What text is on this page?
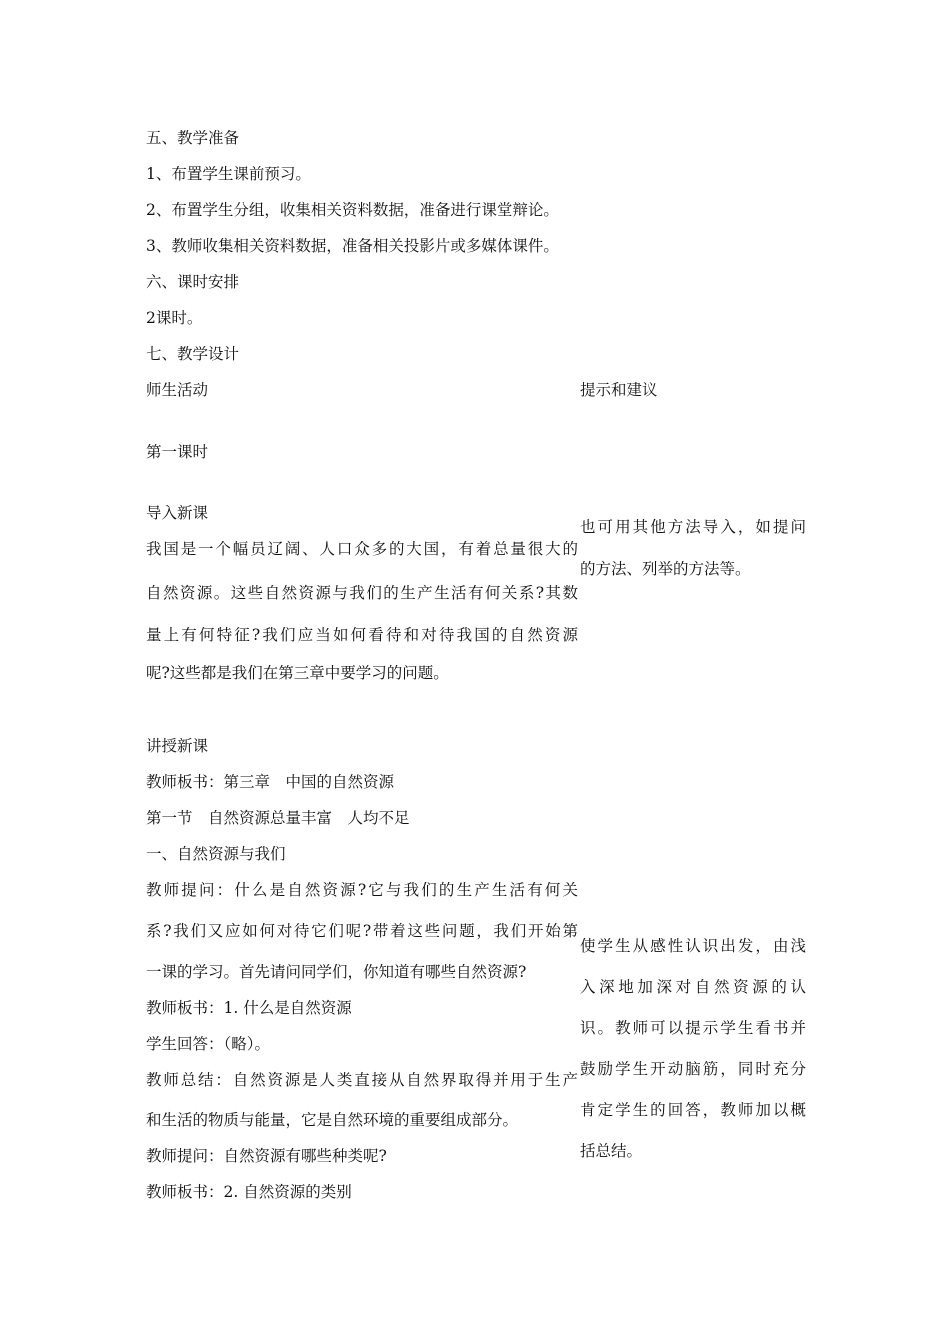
五、教学准备
1、布置学生课前预习。
2、布置学生分组，收集相关资料数据，准备进行课堂辩论。
3、教师收集相关资料数据，准备相关投影片或多媒体课件。
六、课时安排
2课时。
七、教学设计
师生活动	提示和建议
第一课时
导入新课
我国是一个幅员辽阔、人口众多的大国，有着总量很大的
自然资源。这些自然资源与我们的生产生活有何关系?其数
量上有何特征?我们应当如何看待和对待我国的自然资源
呢?这些都是我们在第三章中要学习的问题。
也可用其他方法导入，如提问
的方法、列举的方法等。
讲授新课
教师板书：第三章　中国的自然资源
第一节　自然资源总量丰富　人均不足
一、自然资源与我们
教师提问：什么是自然资源?它与我们的生产生活有何关
系?我们又应如何对待它们呢?带着这些问题，我们开始第
一课的学习。首先请问同学们，你知道有哪些自然资源?
教师板书：1. 什么是自然资源
学生回答：（略）。
教师总结：自然资源是人类直接从自然界取得并用于生产
和生活的物质与能量，它是自然环境的重要组成部分。
教师提问：自然资源有哪些种类呢?
教师板书：2. 自然资源的类别
使学生从感性认识出发，由浅
入深地加深对自然资源的认
识。教师可以提示学生看书并
鼓励学生开动脑筋，同时充分
肯定学生的回答，教师加以概
括总结。
